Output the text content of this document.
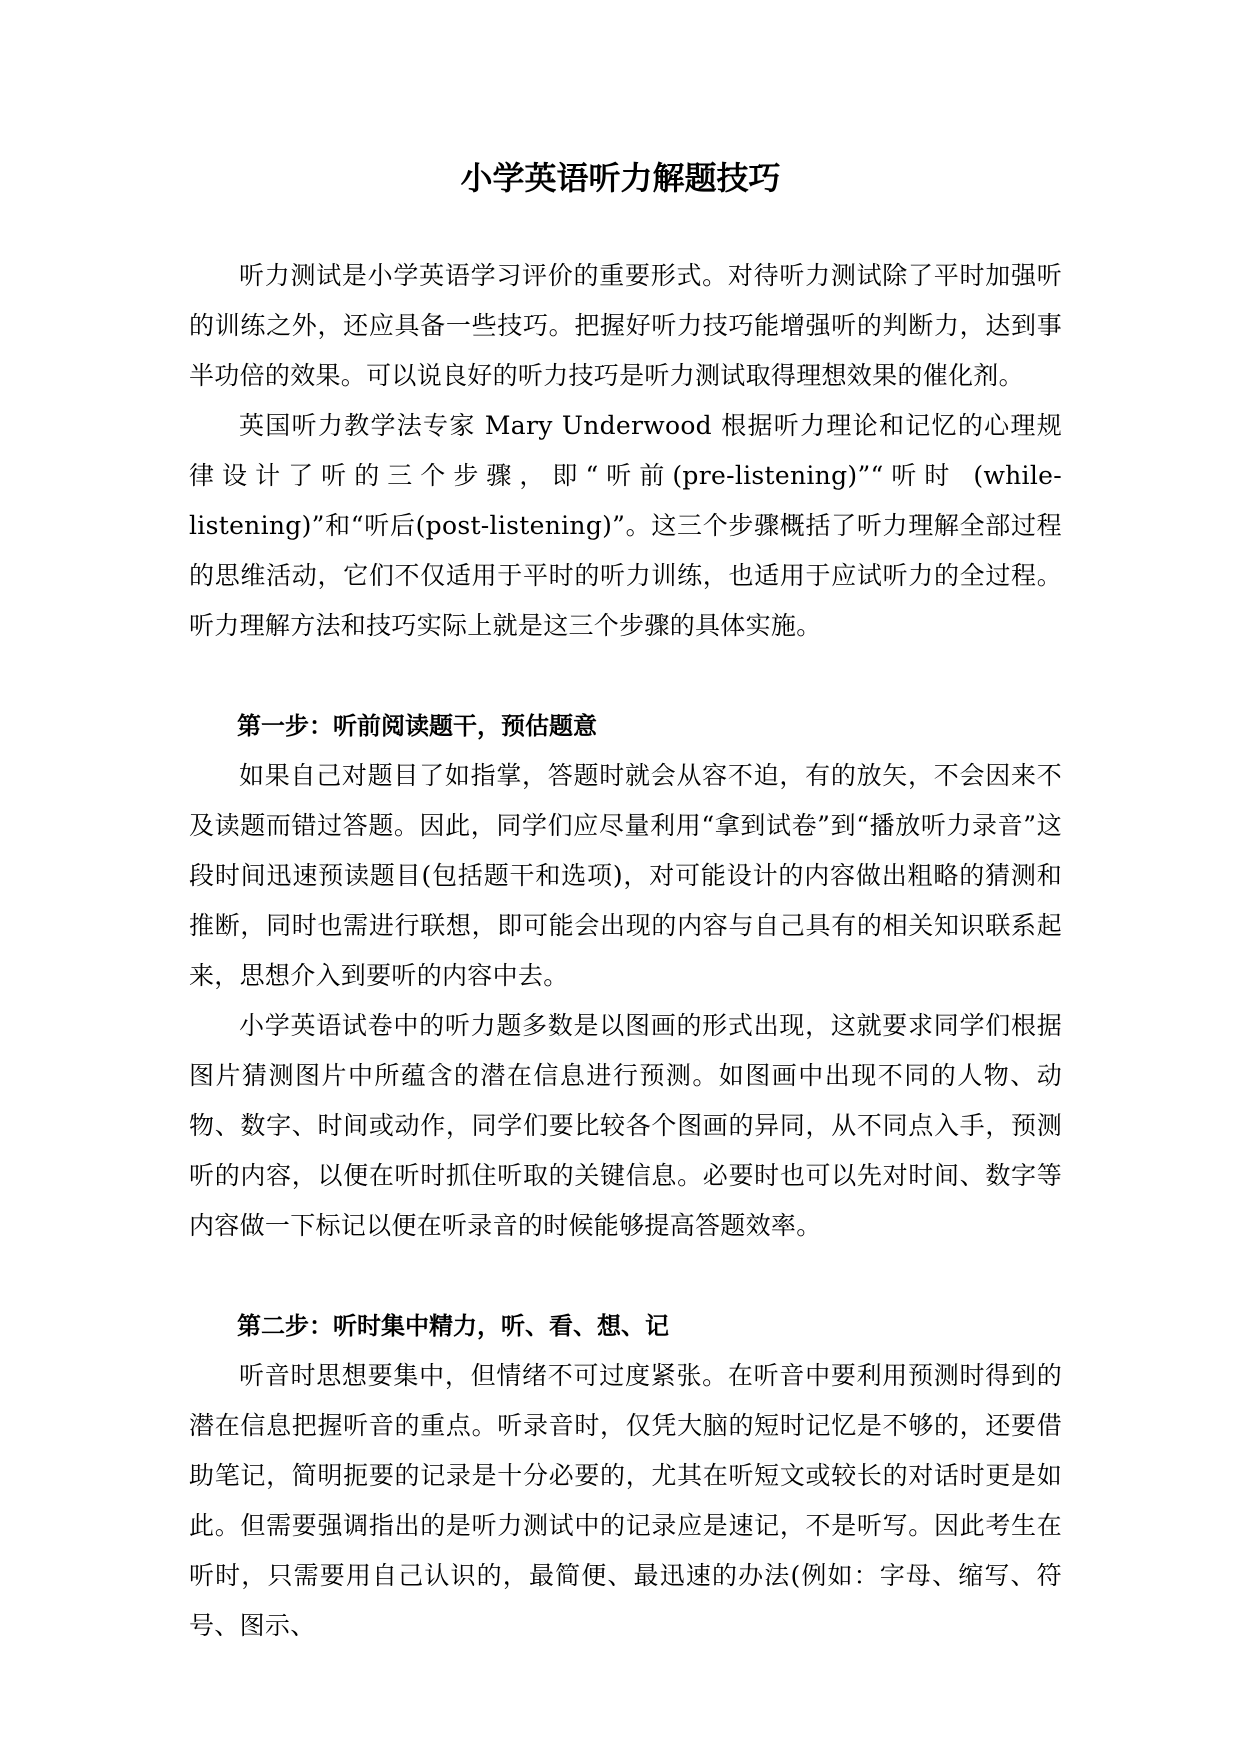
小学英语听力解题技巧

听力测试是小学英语学习评价的重要形式。对待听力测试除了平时加强听的训练之外，还应具备一些技巧。把握好听力技巧能增强听的判断力，达到事半功倍的效果。可以说良好的听力技巧是听力测试取得理想效果的催化剂。

英国听力教学法专家 Mary Underwood 根据听力理论和记忆的心理规律设计了听的三个步骤，即“听前(pre-listening)”“听时 (while-listening)”和“听后(post-listening)”。这三个步骤概括了听力理解全部过程的思维活动，它们不仅适用于平时的听力训练，也适用于应试听力的全过程。听力理解方法和技巧实际上就是这三个步骤的具体实施。

第一步：听前阅读题干，预估题意

如果自己对题目了如指掌，答题时就会从容不迫，有的放矢，不会因来不及读题而错过答题。因此，同学们应尽量利用“拿到试卷”到“播放听力录音”这段时间迅速预读题目(包括题干和选项)，对可能设计的内容做出粗略的猜测和推断，同时也需进行联想，即可能会出现的内容与自己具有的相关知识联系起来，思想介入到要听的内容中去。

小学英语试卷中的听力题多数是以图画的形式出现，这就要求同学们根据图片猜测图片中所蕴含的潜在信息进行预测。如图画中出现不同的人物、动物、数字、时间或动作，同学们要比较各个图画的异同，从不同点入手，预测听的内容，以便在听时抓住听取的关键信息。必要时也可以先对时间、数字等内容做一下标记以便在听录音的时候能够提高答题效率。

第二步：听时集中精力，听、看、想、记

听音时思想要集中，但情绪不可过度紧张。在听音中要利用预测时得到的潜在信息把握听音的重点。听录音时，仅凭大脑的短时记忆是不够的，还要借助笔记，简明扼要的记录是十分必要的，尤其在听短文或较长的对话时更是如此。但需要强调指出的是听力测试中的记录应是速记，不是听写。因此考生在听时，只需要用自己认识的，最简便、最迅速的办法(例如：字母、缩写、符号、图示、
